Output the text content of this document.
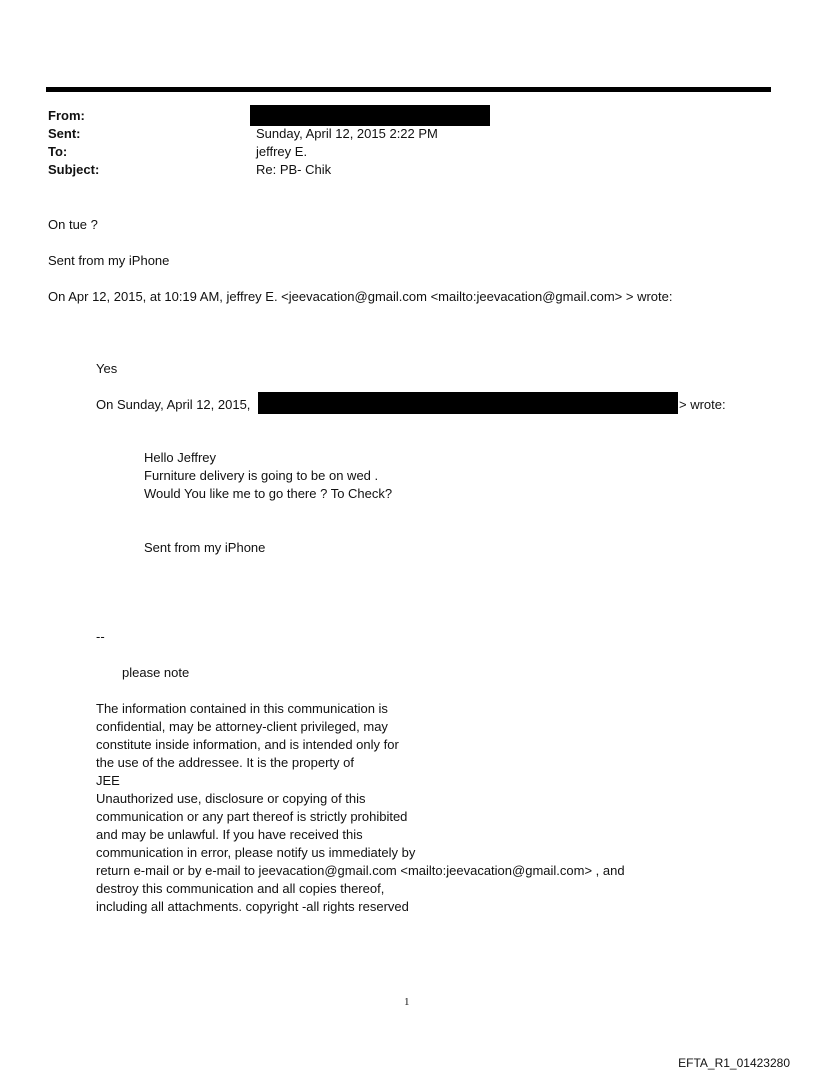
From:
Sent:	Sunday, April 12, 2015 2:22 PM
To:	jeffrey E.
Subject:	Re: PB- Chik
On tue ?
Sent from my iPhone
On Apr 12, 2015, at 10:19 AM, jeffrey E. <jeevacation@gmail.com <mailto:jeevacation@gmail.com> > wrote:
Yes
On Sunday, April 12, 2015,	> wrote:
Hello Jeffrey
Furniture delivery is going to be on wed .
Would You like me to go there ? To Check?
Sent from my iPhone
--
please note
The information contained in this communication is
confidential, may be attorney-client privileged, may
constitute inside information, and is intended only for
the use of the addressee. It is the property of
JEE
Unauthorized use, disclosure or copying of this
communication or any part thereof is strictly prohibited
and may be unlawful. If you have received this
communication in error, please notify us immediately by
return e-mail or by e-mail to jeevacation@gmail.com <mailto:jeevacation@gmail.com> , and
destroy this communication and all copies thereof,
including all attachments. copyright -all rights reserved
1
EFTA_R1_01423280
